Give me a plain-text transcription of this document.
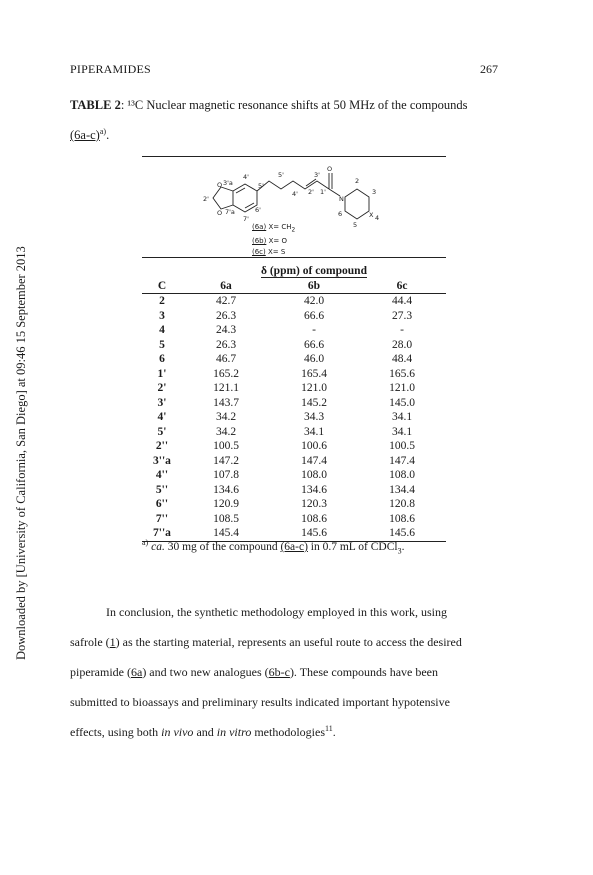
PIPERAMIDES	267
Downloaded by [University of California, San Diego] at 09:46 15 September 2013
TABLE 2: ¹³C Nuclear magnetic resonance shifts at 50 MHz of the compounds
$(6a-c)^{a)}$.
O
2
3
N
X 4
5
6
1'
2'
3'
4'
5'
6'
7'
3'a
4'
5'
2'
O
O 7'a
(6a) $X= CH_2$
(6b) X= O
(6c) X= S
	δ (ppm) of compound		
C	6a	6b	6c
2	42.7	42.0	44.4
3	26.3	66.6	27.3
4	24.3	-	-
5	26.3	66.6	28.0
6	46.7	46.0	48.4
1'	165.2	165.4	165.6
2'	121.1	121.0	121.0
3'	143.7	145.2	145.0
4'	34.2	34.3	34.1
5'	34.2	34.1	34.1
2''	100.5	100.6	100.5
3''a	147.2	147.4	147.4
4''	107.8	108.0	108.0
5''	134.6	134.6	134.4
6''	120.9	120.3	120.8
7''	108.5	108.6	108.6
7''a	145.4	145.6	145.6
$^{a)}$ ca. 30 mg of the compound (6a-c) in 0.7 mL of CDCl$_3$.
In conclusion, the synthetic methodology employed in this work, using
safrole (1) as the starting material, represents an useful route to access the desired
piperamide (6a) and two new analogues (6b-c). These compounds have been
submitted to bioassays and preliminary results indicated important hypotensive
effects, using both in vivo and in vitro methodologies$^{11}$.
